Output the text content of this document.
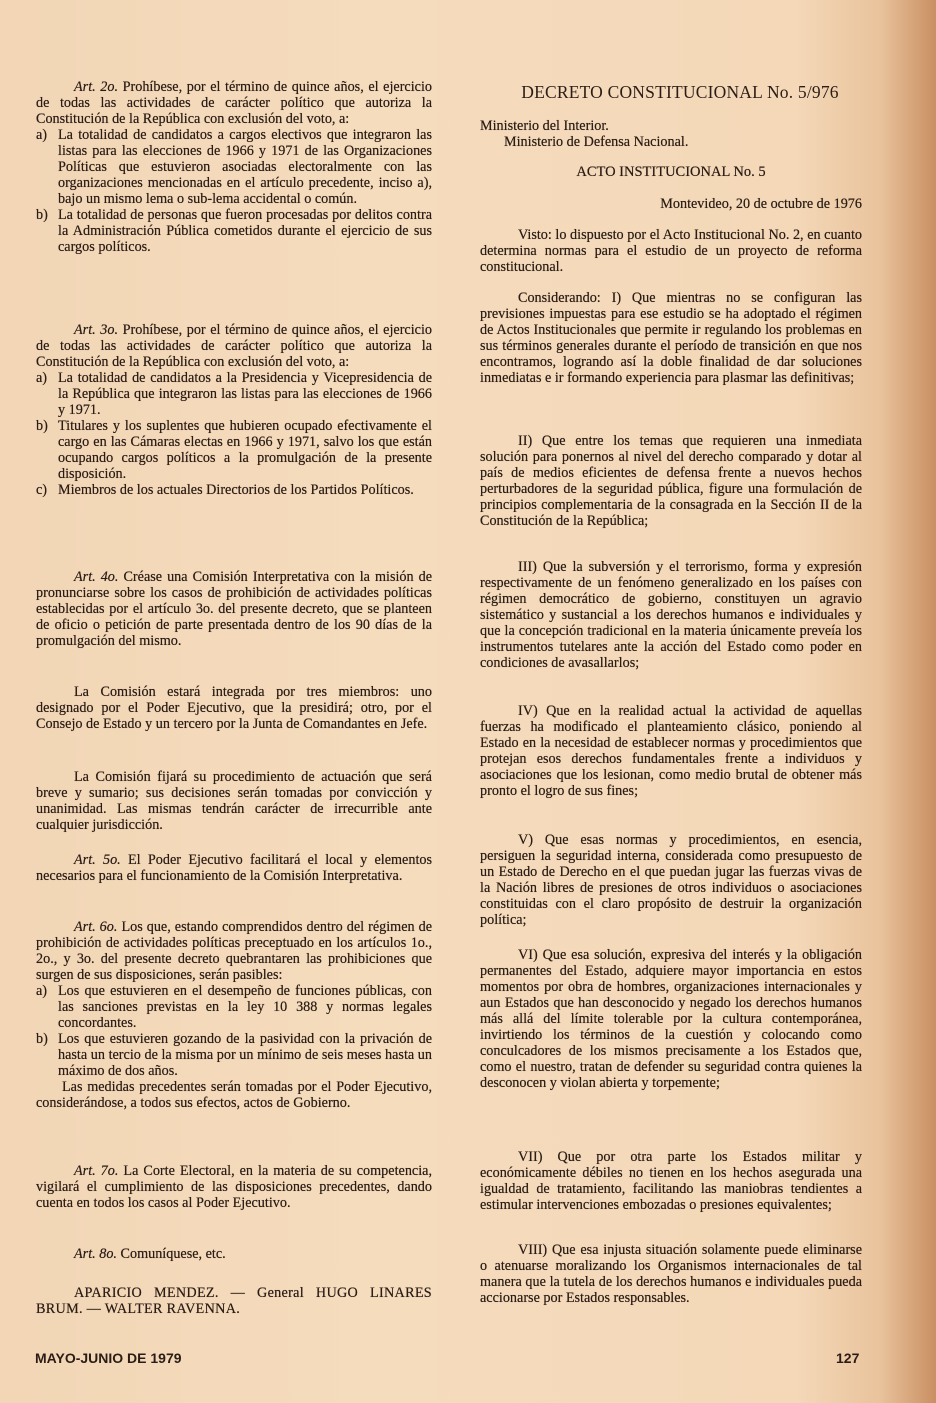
Art. 2o. Prohíbese, por el término de quince años, el ejercicio de todas las actividades de carácter político que autoriza la Constitución de la República con exclusión del voto, a:
a) La totalidad de candidatos a cargos electivos que integraron las listas para las elecciones de 1966 y 1971 de las Organizaciones Políticas que estuvieron asociadas electoralmente con las organizaciones mencionadas en el artículo precedente, inciso a), bajo un mismo lema o sub-lema accidental o común.
b) La totalidad de personas que fueron procesadas por delitos contra la Administración Pública cometidos durante el ejercicio de sus cargos políticos.
Art. 3o. Prohíbese, por el término de quince años, el ejercicio de todas las actividades de carácter político que autoriza la Constitución de la República con exclusión del voto, a:
a) La totalidad de candidatos a la Presidencia y Vicepresidencia de la República que integraron las listas para las elecciones de 1966 y 1971.
b) Titulares y los suplentes que hubieren ocupado efectivamente el cargo en las Cámaras electas en 1966 y 1971, salvo los que están ocupando cargos políticos a la promulgación de la presente disposición.
c) Miembros de los actuales Directorios de los Partidos Políticos.
Art. 4o. Créase una Comisión Interpretativa con la misión de pronunciarse sobre los casos de prohibición de actividades políticas establecidas por el artículo 3o. del presente decreto, que se planteen de oficio o petición de parte presentada dentro de los 90 días de la promulgación del mismo.
La Comisión estará integrada por tres miembros: uno designado por el Poder Ejecutivo, que la presidirá; otro, por el Consejo de Estado y un tercero por la Junta de Comandantes en Jefe.
La Comisión fijará su procedimiento de actuación que será breve y sumario; sus decisiones serán tomadas por convicción y unanimidad. Las mismas tendrán carácter de irrecurrible ante cualquier jurisdicción.
Art. 5o. El Poder Ejecutivo facilitará el local y elementos necesarios para el funcionamiento de la Comisión Interpretativa.
Art. 6o. Los que, estando comprendidos dentro del régimen de prohibición de actividades políticas preceptuado en los artículos 1o., 2o., y 3o. del presente decreto quebrantaren las prohibiciones que surgen de sus disposiciones, serán pasibles:
a) Los que estuvieren en el desempeño de funciones públicas, con las sanciones previstas en la ley 10 388 y normas legales concordantes.
b) Los que estuvieren gozando de la pasividad con la privación de hasta un tercio de la misma por un mínimo de seis meses hasta un máximo de dos años.
Las medidas precedentes serán tomadas por el Poder Ejecutivo, considerándose, a todos sus efectos, actos de Gobierno.
Art. 7o. La Corte Electoral, en la materia de su competencia, vigilará el cumplimiento de las disposiciones precedentes, dando cuenta en todos los casos al Poder Ejecutivo.
Art. 8o. Comuníquese, etc.
APARICIO MENDEZ. — General HUGO LINARES BRUM. — WALTER RAVENNA.
DECRETO CONSTITUCIONAL No. 5/976
Ministerio del Interior.
Ministerio de Defensa Nacional.
ACTO INSTITUCIONAL No. 5
Montevideo, 20 de octubre de 1976
Visto: lo dispuesto por el Acto Institucional No. 2, en cuanto determina normas para el estudio de un proyecto de reforma constitucional.
Considerando: I) Que mientras no se configuran las previsiones impuestas para ese estudio se ha adoptado el régimen de Actos Institucionales que permite ir regulando los problemas en sus términos generales durante el período de transición en que nos encontramos, logrando así la doble finalidad de dar soluciones inmediatas e ir formando experiencia para plasmar las definitivas;
II) Que entre los temas que requieren una inmediata solución para ponernos al nivel del derecho comparado y dotar al país de medios eficientes de defensa frente a nuevos hechos perturbadores de la seguridad pública, figure una formulación de principios complementaria de la consagrada en la Sección II de la Constitución de la República;
III) Que la subversión y el terrorismo, forma y expresión respectivamente de un fenómeno generalizado en los países con régimen democrático de gobierno, constituyen un agravio sistemático y sustancial a los derechos humanos e individuales y que la concepción tradicional en la materia únicamente preveía los instrumentos tutelares ante la acción del Estado como poder en condiciones de avasallarlos;
IV) Que en la realidad actual la actividad de aquellas fuerzas ha modificado el planteamiento clásico, poniendo al Estado en la necesidad de establecer normas y procedimientos que protejan esos derechos fundamentales frente a individuos y asociaciones que los lesionan, como medio brutal de obtener más pronto el logro de sus fines;
V) Que esas normas y procedimientos, en esencia, persiguen la seguridad interna, considerada como presupuesto de un Estado de Derecho en el que puedan jugar las fuerzas vivas de la Nación libres de presiones de otros individuos o asociaciones constituidas con el claro propósito de destruir la organización política;
VI) Que esa solución, expresiva del interés y la obligación permanentes del Estado, adquiere mayor importancia en estos momentos por obra de hombres, organizaciones internacionales y aun Estados que han desconocido y negado los derechos humanos más allá del límite tolerable por la cultura contemporánea, invirtiendo los términos de la cuestión y colocando como conculcadores de los mismos precisamente a los Estados que, como el nuestro, tratan de defender su seguridad contra quienes la desconocen y violan abierta y torpemente;
VII) Que por otra parte los Estados militar y económicamente débiles no tienen en los hechos asegurada una igualdad de tratamiento, facilitando las maniobras tendientes a estimular intervenciones embozadas o presiones equivalentes;
VIII) Que esa injusta situación solamente puede eliminarse o atenuarse moralizando los Organismos internacionales de tal manera que la tutela de los derechos humanos e individuales pueda accionarse por Estados responsables.
MAYO-JUNIO DE 1979	127
